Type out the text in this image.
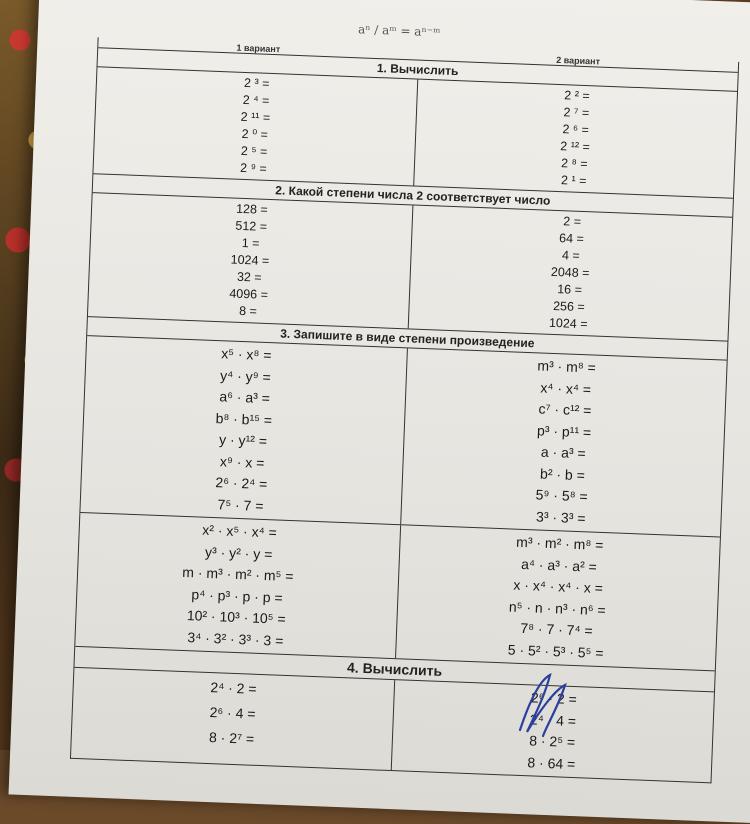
aⁿ / aᵐ = aⁿ⁻ᵐ
1 вариант
2 вариант
1. Вычислить
2 ³ =
2 ⁴ =
2 ¹¹ =
2 ⁰ =
2 ⁵ =
2 ⁹ =
2 ² =
2 ⁷ =
2 ⁶ =
2 ¹² =
2 ⁸ =
2 ¹ =
2. Какой степени числа 2 соответствует число
128 =
512 =
1 =
1024 =
32 =
4096 =
8 =
2 =
64 =
4 =
2048 =
16 =
256 =
1024 =
3. Запишите в виде степени произведение
x⁵ · x⁸ =
y⁴ · y⁹ =
a⁶ · a³ =
b⁸ · b¹⁵ =
y · y¹² =
x⁹ · x =
2⁶ · 2⁴ =
7⁵ · 7 =
m³ · m⁸ =
x⁴ · x⁴ =
c⁷ · c¹² =
p³ · p¹¹ =
a · a³ =
b² · b =
5⁹ · 5⁸ =
3³ · 3³ =
x² · x⁵ · x⁴ =
y³ · y² · y =
m · m³ · m² · m⁵ =
p⁴ · p³ · p · p =
10² · 10³ · 10⁵ =
3⁴ · 3² · 3³ · 3 =
m³ · m² · m⁸ =
a⁴ · a³ · a² =
x · x⁴ · x⁴ · x =
n⁵ · n · n³ · n⁶ =
7⁸ · 7 · 7⁴ =
5 · 5² · 5³ · 5⁵ =
4. Вычислить
2⁴ · 2 =
2⁶ · 4 =
8 · 2⁷ =
2⁶ · 2 =
2⁴ · 4 =
8 · 2⁵ =
8 · 64 =
